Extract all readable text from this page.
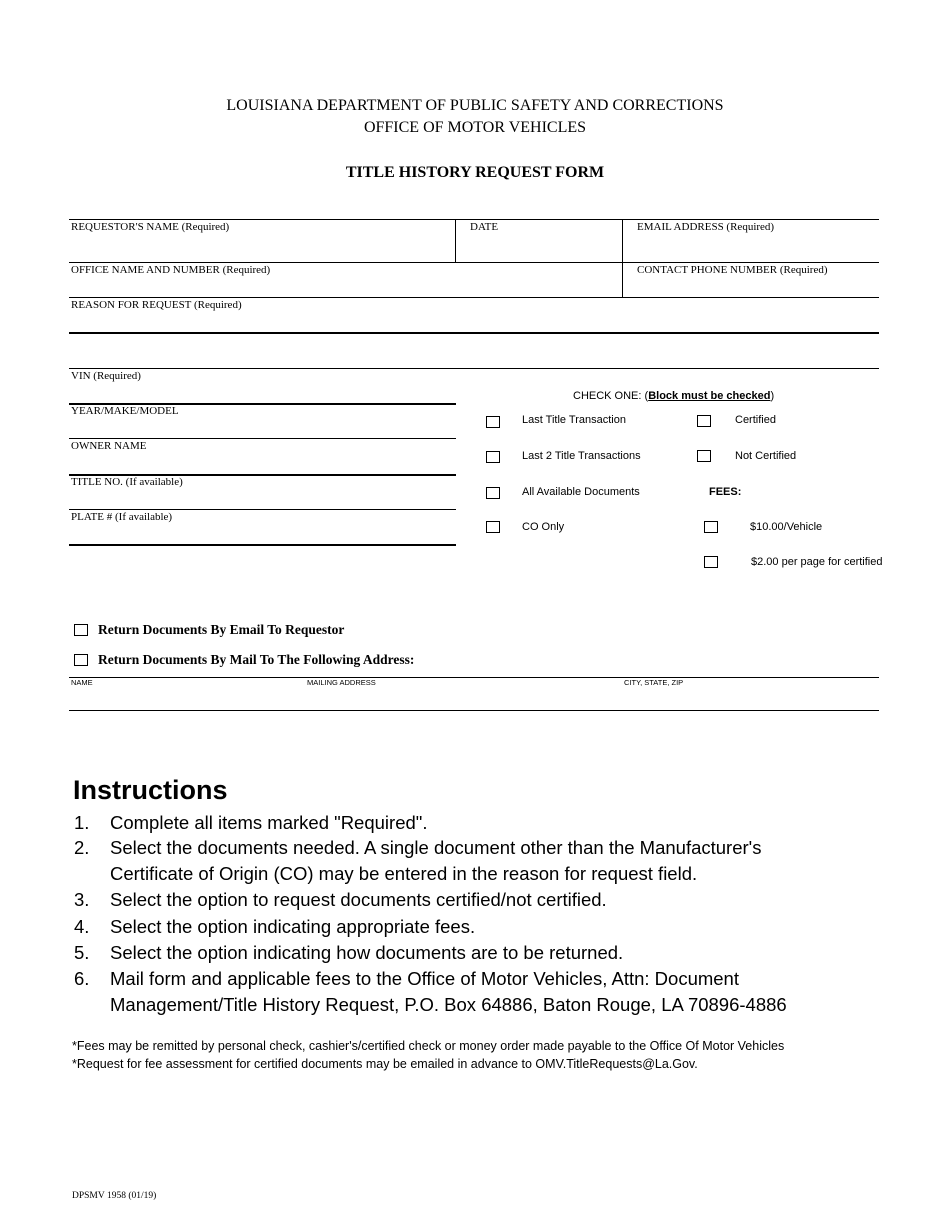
LOUISIANA DEPARTMENT OF PUBLIC SAFETY AND CORRECTIONS
OFFICE OF MOTOR VEHICLES
TITLE HISTORY REQUEST FORM
REQUESTOR'S NAME (Required)	DATE	EMAIL ADDRESS (Required)
OFFICE NAME AND NUMBER (Required)	CONTACT PHONE NUMBER (Required)
REASON FOR REQUEST (Required)
VIN (Required)
YEAR/MAKE/MODEL
OWNER NAME
TITLE NO. (If available)
PLATE # (If available)
CHECK ONE: (Block must be checked)
Last Title Transaction	Certified
Last 2 Title Transactions	Not Certified
All Available Documents	FEES:
CO Only	$10.00/Vehicle
$2.00 per page for certified
Return Documents By Email To Requestor
Return Documents By Mail To The Following Address:
NAME	MAILING ADDRESS	CITY, STATE, ZIP
Instructions
1. Complete all items marked "Required".
2. Select the documents needed. A single document other than the Manufacturer's
Certificate of Origin (CO) may be entered in the reason for request field.
3. Select the option to request documents certified/not certified.
4. Select the option indicating appropriate fees.
5. Select the option indicating how documents are to be returned.
6. Mail form and applicable fees to the Office of Motor Vehicles, Attn: Document
Management/Title History Request, P.O. Box 64886, Baton Rouge, LA 70896-4886
*Fees may be remitted by personal check, cashier's/certified check or money order made payable to the Office Of Motor Vehicles
*Request for fee assessment for certified documents may be emailed in advance to OMV.TitleRequests@La.Gov.
DPSMV 1958 (01/19)
